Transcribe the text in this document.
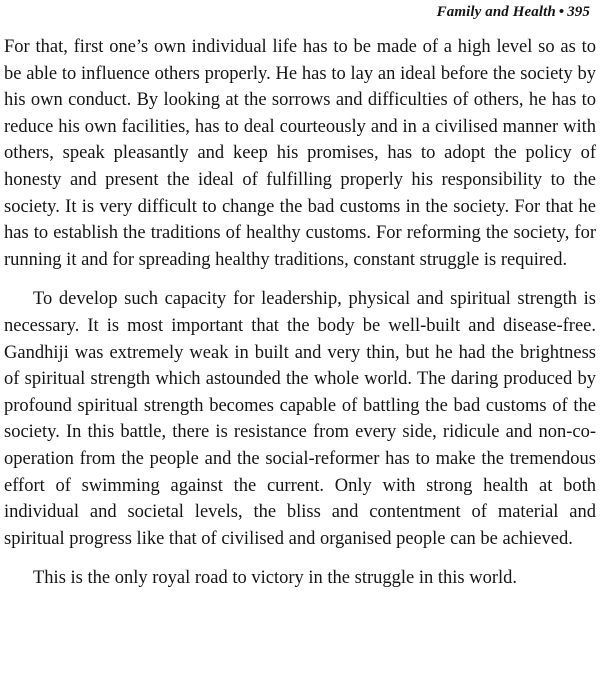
Family and Health • 395

For that, first one’s own individual life has to be made of a high level so as to be able to influence others properly. He has to lay an ideal before the society by his own conduct. By looking at the sorrows and difficulties of others, he has to reduce his own facilities, has to deal courteously and in a civilised manner with others, speak pleasantly and keep his promises, has to adopt the policy of honesty and present the ideal of fulfilling properly his responsibility to the society. It is very difficult to change the bad customs in the society. For that he has to establish the traditions of healthy customs. For reforming the society, for running it and for spreading healthy traditions, constant struggle is required.

To develop such capacity for leadership, physical and spiritual strength is necessary. It is most important that the body be well-built and disease-free. Gandhiji was extremely weak in built and very thin, but he had the brightness of spiritual strength which astounded the whole world. The daring produced by profound spiritual strength becomes capable of battling the bad customs of the society. In this battle, there is resistance from every side, ridicule and non-co-operation from the people and the social-reformer has to make the tremendous effort of swimming against the current. Only with strong health at both individual and societal levels, the bliss and contentment of material and spiritual progress like that of civilised and organised people can be achieved.

This is the only royal road to victory in the struggle in this world.
